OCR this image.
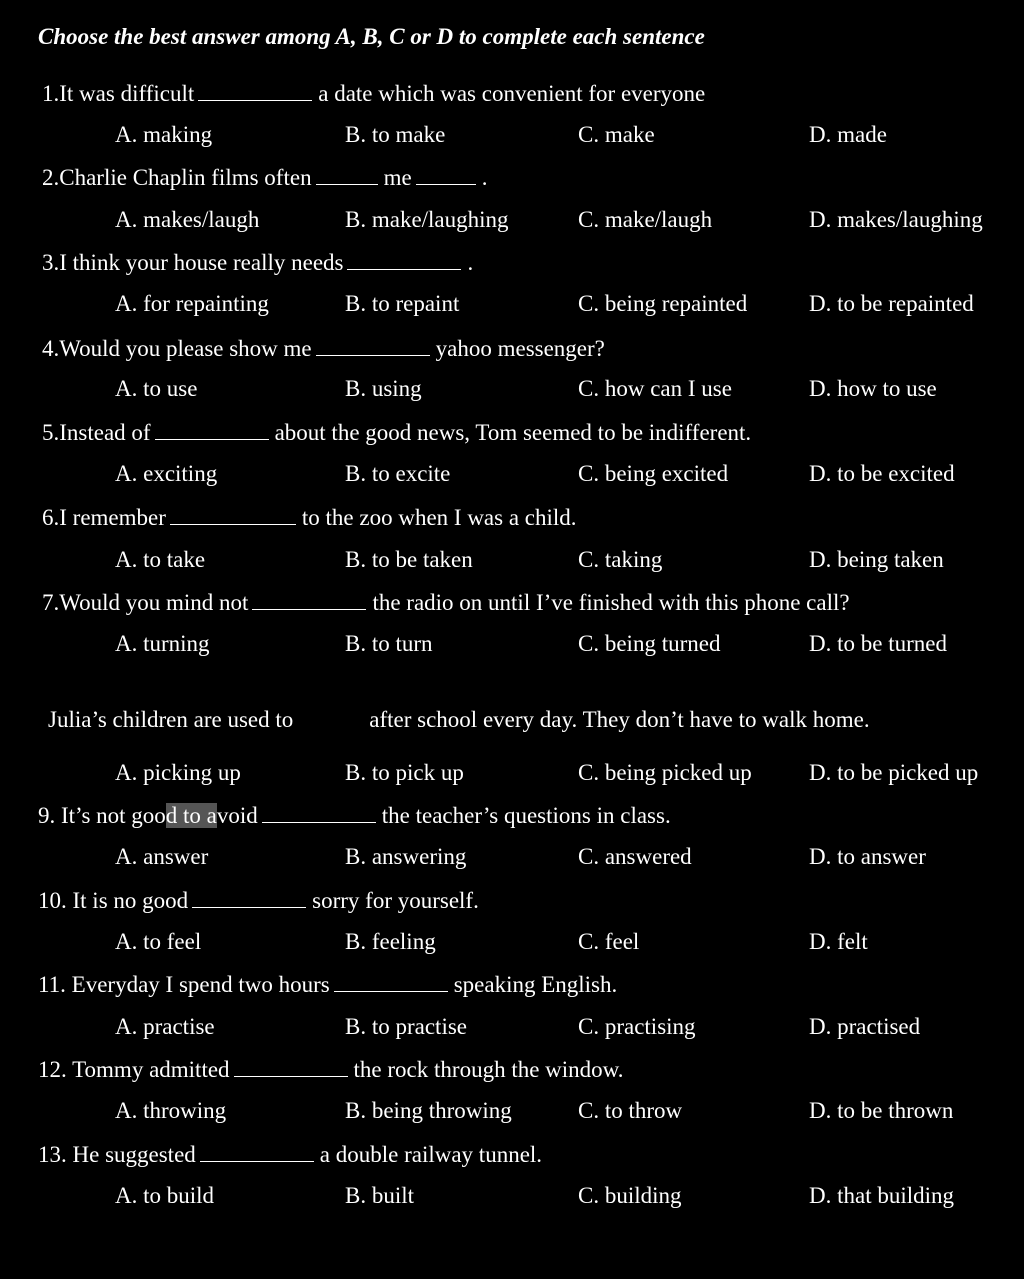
Choose the best answer among A, B, C or D to complete each sentence
1.It was difficult	a date which was convenient for everyone
A. making	B. to make	C. make	D. made
2.Charlie Chaplin films often	me	.
A. makes/laugh	B. make/laughing	C. make/laugh	D. makes/laughing
3.I think your house really needs	.
A. for repainting	B. to repaint	C. being repainted	D. to be repainted
4.Would you please show me	yahoo messenger?
A. to use	B. using	C. how can I use	D. how to use
5.Instead of	about the good news, Tom seemed to be indifferent.
A. exciting	B. to excite	C. being excited	D. to be excited
6.I remember	to the zoo when I was a child.
A. to take	B. to be taken	C. taking	D. being taken
7.Would you mind not	the radio on until I’ve finished with this phone call?
A. turning	B. to turn	C. being turned	D. to be turned
Julia’s children are used to	after school every day. They don’t have to walk home.
A. picking up	B. to pick up	C. being picked up D. to be picked up
9. It’s not good to avoid	the teacher’s questions in class.
A. answer	B. answering	C. answered	D. to answer
10. It is no good	sorry for yourself.
A. to feel	B. feeling	C. feel	D. felt
11. Everyday I spend two hours	speaking English.
A. practise	B. to practise	C. practising	D. practised
12. Tommy admitted	the rock through the window.
A. throwing	B. being throwing	C. to throw	D. to be thrown
13. He suggested	a double railway tunnel.
A. to build	B. built	C. building	D. that building
